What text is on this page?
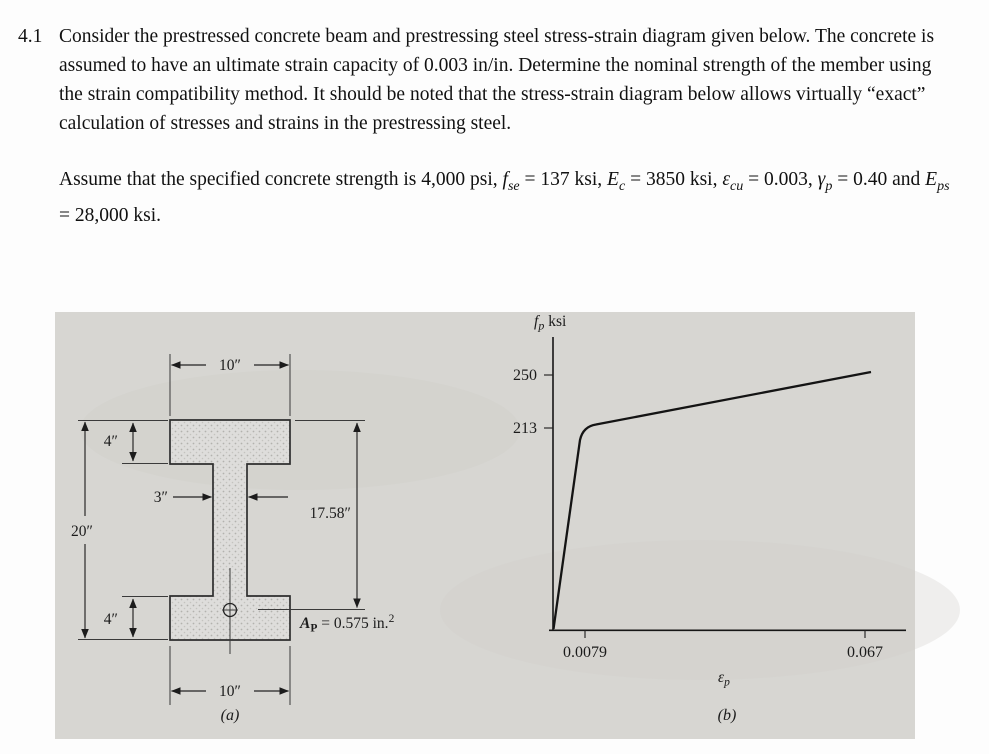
4.1 Consider the prestressed concrete beam and prestressing steel stress-strain diagram given below. The concrete is assumed to have an ultimate strain capacity of 0.003 in/in. Determine the nominal strength of the member using the strain compatibility method. It should be noted that the stress-strain diagram below allows virtually “exact” calculation of stresses and strains in the prestressing steel.

Assume that the specified concrete strength is 4,000 psi, $f_{se} = 137$ ksi, $E_c = 3850$ ksi, $\varepsilon_{cu} = 0.003$, $\gamma_p = 0.40$ and $E_{ps} = 28,000$ ksi.

10″
4″
3″
20″
17.58″
4″	$A_P = 0.575$ in.$^2$
10″
(a)
$f_p$ ksi
250
213
0.0079	0.067
$\varepsilon_p$
(b)
